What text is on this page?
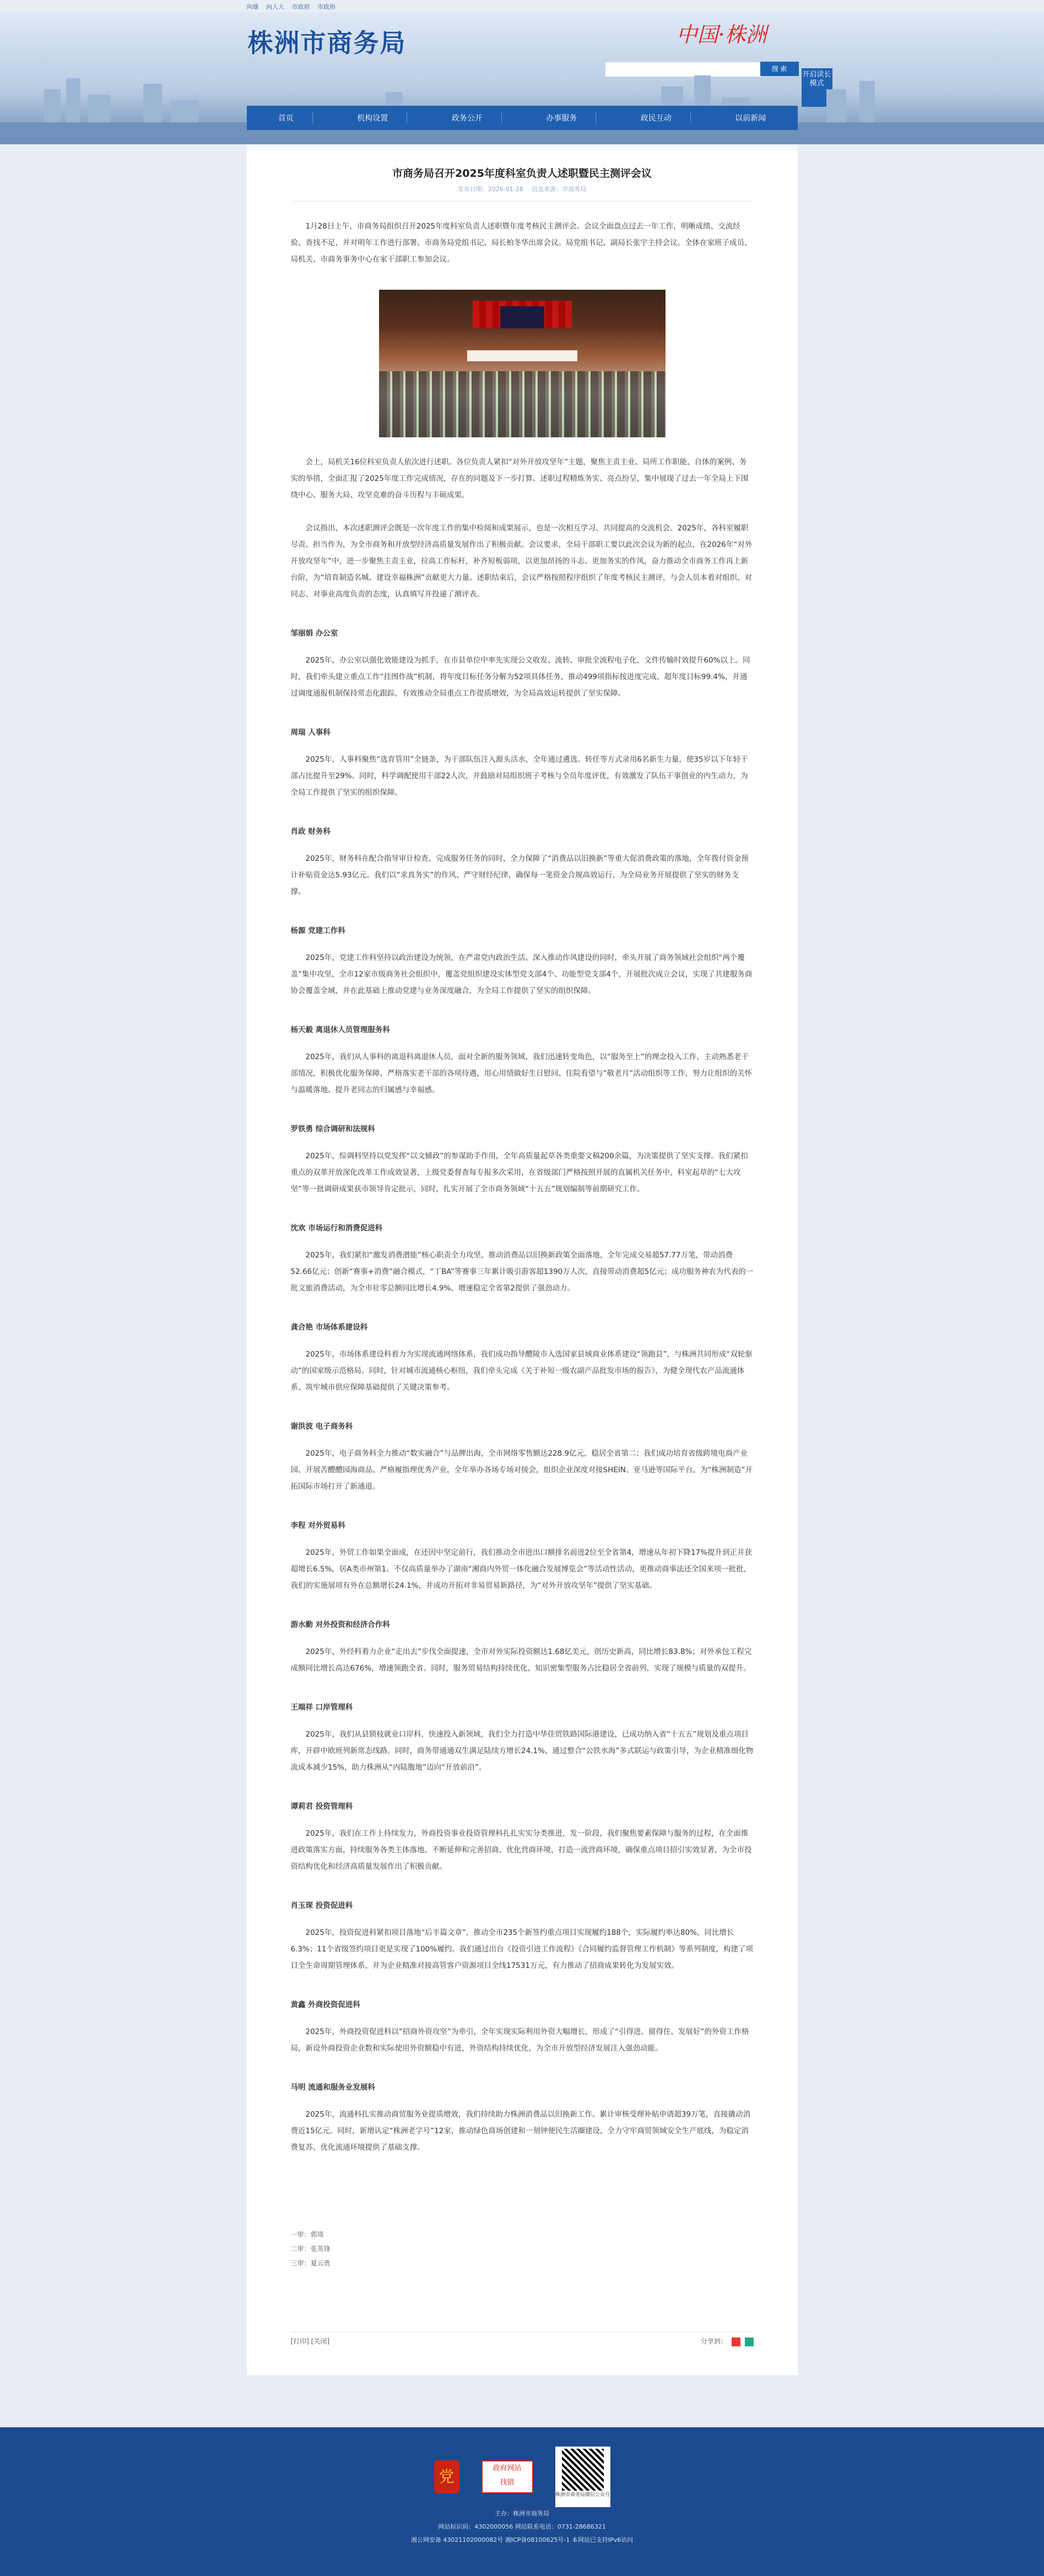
向雄 向人大 市政府 市政协
株洲市商务局	中国·株洲
搜 索
开启读长模式
首页	机构设置	政务公开	办事服务	政民互动	以前新闻
市商务局召开2025年度科室负责人述职暨民主测评会议
发布日期：2026-01-28 信息来源：市商务局

1月28日上午，市商务局组织召开2025年度科室负责人述职暨年度考核民主测评会。会议全面盘点过去一年工作，明晰成绩、交流经验、查找不足，并对明年工作进行部署。市商务局党组书记、局长柏冬华出席会议。局党组书记、副局长张宇主持会议。全体在家班子成员、局机关、市商务事务中心在家干部职工参加会议。

会上，局机关16位科室负责人依次进行述职。各位负责人紧扣“对外开放攻坚年”主题，聚焦主责主业、局所工作职能、自体的案例、务实的举措，全面汇报了2025年度工作完成情况，存在的问题及下一步打算。述职过程精炼务实、亮点纷呈，集中展现了过去一年全局上下围绕中心、服务大局、攻坚克难的奋斗历程与丰硕成果。

会议指出，本次述职测评会既是一次年度工作的集中检阅和成果展示，也是一次相互学习、共同提高的交流机会。2025年，各科室履职尽责、担当作为，为全市商务和开放型经济高质量发展作出了积极贡献。会议要求，全局干部职工要以此次会议为新的起点，在2026年“对外开放攻坚年”中，进一步聚焦主责主业，拉高工作标杆，补齐短板弱项，以更加昂扬的斗志、更加务实的作风，奋力推动全市商务工作再上新台阶，为“培育制造名城、建设幸福株洲”贡献更大力量。述职结束后，会议严格按照程序组织了年度考核民主测评，与会人员本着对组织、对同志、对事业高度负责的态度，认真填写并投递了测评表。

邹丽娟 办公室

2025年，办公室以强化效能建设为抓手，在市县单位中率先实现公文收发、流转、审批全流程电子化，文件传输时效提升60%以上。同时，我们牵头建立重点工作“挂图作战”机制，将年度目标任务分解为52项具体任务，推动499项指标按进度完成，超年度目标99.4%，并通过调度通报机制保持常态化跟踪，有效推动全局重点工作提质增效，为全局高效运转提供了坚实保障。

周瑞 人事科

2025年，人事科聚焦“选育管用”全链条，为干部队伍注入源头活水，全年通过遴选、转任等方式录用6名新生力量，使35岁以下年轻干部占比提升至29%。同时，科学调配使用干部22人次，并鼓励对局组织班子考核与全员年度评优，有效激发了队伍干事创业的内生动力，为全局工作提供了坚实的组织保障。

肖政 财务科

2025年，财务科在配合指导审计检查、完成服务任务的同时，全力保障了“消费品以旧换新”等重大促消费政策的落地，全年拨付资金预计补贴资金达5.93亿元。我们以“求真务实”的作风、严守财经纪律，确保每一笔资金合规高效运行，为全局业务开展提供了坚实的财务支撑。

杨源 党建工作科

2025年，党建工作科坚持以政治建设为统领，在严肃党内政治生活、深入推动作风建设的同时，牵头开展了商务领域社会组织“两个覆盖”集中攻坚，全市12家市级商务社会组织中，覆盖党组织建设实体型党支部4个、功能型党支部4个，开展批次成立会议，实现了共建服务商协会覆盖全域，并在此基础上推动党建与业务深度融合，为全局工作提供了坚实的组织保障。

杨天毅 离退休人员管理服务科

2025年，我们从人事科的离退科离退休人员，面对全新的服务领域，我们迅速转变角色，以“服务至上”的理念投入工作，主动熟悉老干部情况，积极优化服务保障，严格落实老干部的各项待遇，用心用情做好生日慰问、住院看望与“敬老月”活动组织等工作，努力让组织的关怀与温暖落地、提升老同志的归属感与幸福感。

罗铁勇 综合调研和法规科

2025年，综调科坚持以党发挥“以文辅政”的参谋助手作用，全年高质量起草各类重要文稿200余篇，为决策提供了坚实支撑。我们紧扣重点的双革开放深化改革工作成效显著，上级党委督查每专报多次采用，在省级部门严格按照开展的直属机关任务中，科室起草的“七大攻坚”等一批调研成果获市领导肯定批示，同时，扎实开展了全市商务领域“十五五”规划编制等前期研究工作。

沈欢 市场运行和消费促进科

2025年，我们紧扣“激发消费潜能”核心职责全力攻坚，推动消费品以旧换新政策全面落地，全年完成交易超57.77万笔，带动消费52.66亿元；创新“赛事+消费”融合模式，“丁BA”等赛事三年累计吸引游客超1390万人次，直接带动消费超5亿元；成功服务神农为代表的一批文旅消费活动，为全市社零总额同比增长4.9%、增速稳定全省第2提供了强劲动力。

龚合艳 市场体系建设科

2025年，市场体系建设科着力为实现流通网络体系，我们成功指导醴陵市入选国家县域商业体系建设“领跑县”，与株洲共同形成“双轮驱动”的国家级示范格局。同时，针对城市流通核心枢纽，我们牵头完成《关于补短一级农副产品批发市场的报告》，为健全现代农产品流通体系、筑牢城市供应保障基础提供了关键决策参考。

谢洪波 电子商务科

2025年，电子商务科全力推动“数实融合”与品牌出海，全市网络零售额达228.9亿元，稳居全省第二；我们成功培育省级跨境电商产业园、开展苦醴醴园海商品、严格履指理优秀产业，全年举办各场专场对接会，组织企业深度对接SHEIN、亚马逊等国际平台，为“株洲制造”开拓国际市场打开了新通道。

李程 对外贸易科

2025年，外贸工作如果全面成，在还因中坚定前行，我们推动全市进出口额排名前进2位至全省第4，增速从年初下降17%提升到正并获超增长6.5%，居A类市州第1。不仅高质量举办了湖南“湘商内外贸一体化融合发展博览会”等活动性活动，更推动商事法还全国来项一批批，我们的实施展项有外在总额增长24.1%，并成功开拓对非易贸易新路径，为“对外开放攻坚年”提供了坚实基础。

游水勤 对外投资和经济合作科

2025年，外经科着力企业“走出去”步伐全面提速，全市对外实际投资额达1.68亿美元，创历史新高，同比增长83.8%；对外承包工程完成额同比增长高达676%，增速领跑全省。同时，服务贸易结构持续优化，知识密集型服务占比稳居全省前列，实现了规模与质量的双提升。

王端祥 口岸管理科

2025年，我们从县锁枝就业口岸科，快速投入新领域，我们全力打造中华佳贸铁路国际港建设，已成功纳入省“十五五”规划及重点项目库，开辟中欧班列新常态线路。同时，商务带通通双生满足陆续方增长24.1%，通过整合“公铁水海”多式联运与政策引导，为企业精准细化物流成本减少15%，助力株洲从“内陆腹地”迈向“开放前沿”。

谭莉君 投资管理科

2025年，我们在工作上持续发力，外商投资事业投资管理科扎扎实实分类推进，发一阶段，我们聚焦要素保障与服务的过程，在全面推进政策落实方面，持续服务各类主体落地、不断延伸和完善招商、优化营商环境，打造一流营商环境，确保重点项目招引实效显著，为全市投资结构优化和经济高质量发展作出了积极贡献。

肖玉琛 投资促进科

2025年，投资促进科紧扣项目落地“后半篇文章”，推动全市235个新签约重点项目实现履约188个，实际履约率达80%，同比增长6.3%；11个省级签约项目更是实现了100%履约。我们通过出台《投资引进工作流程》《合同履约监督管理工作机制》等系列制度，构建了项目全生命周期管理体系，并为企业精准对接高管客户资源项目全线17531万元，有力推动了招商成果转化为发展实效。

黄鑫 外商投资促进科

2025年，外商投资促进科以“招商外资攻坚”为牵引，全年实现实际利用外资大幅增长，形成了“引得进、留得住、发展好”的外资工作格局，新设外商投资企业数和实际使用外资额稳中有进，外资结构持续优化，为全市开放型经济发展注入强劲动能。

马明 流通和服务业发展科

2025年，流通科扎实推动商贸服务业提质增效，我们持续助力株洲消费品以旧换新工作。累计审核受理补贴申请超39万笔，直接撬动消费近15亿元。同时，新增认定“株洲老字号”12家，推动绿色商场创建和一刻钟便民生活圈建设，全力守牢商贸领域安全生产底线，为稳定消费复苏、优化流通环境提供了基础支撑。

一审：郭琦
二审：张英锋
三审：夏云贵
[打印] [关闭]	分享到：
党	政府网站
找错
株洲市商务局微信公众号
主办：株洲市商务局
网站标识码：4302000056 网站联系电话：0731-28686321
湘公网安备 43021102000082号 湘ICP备08100625号-1 本网站已支持IPv6访问
